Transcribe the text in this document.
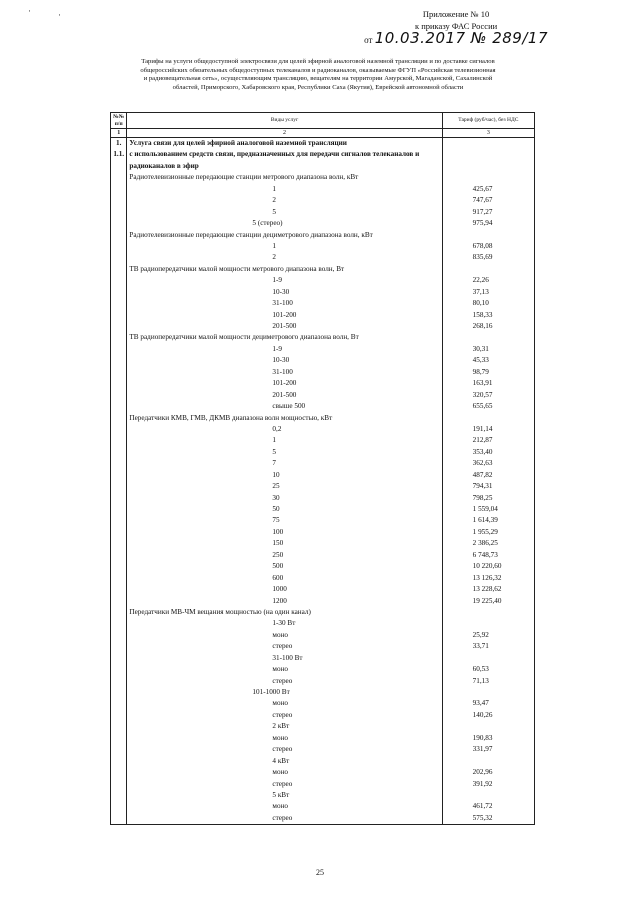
·	·	Приложение № 10
к приказу ФАС России
от 10.03.2017 № 289/17
Тарифы на услуги общедоступной электросвязи для целей эфирной аналоговой наземной трансляции и по доставке сигналов
общероссийских обязательных общедоступных телеканалов и радиоканалов, оказываемые ФГУП «Российская телевизионная
и радиовещательная сеть», осуществляющим трансляцию, вещателям на территории Амурской, Магаданской, Сахалинской
областей, Приморского, Хабаровского края, Республики Саха (Якутия), Еврейской автономной области
№№ п/п	Виды услуг	Тариф (руб/час), без НДС
1	2	3
1.	Услуга связи для целей эфирной аналоговой наземной трансляции	
1.1.	с использованием средств связи, предназначенных для передачи сигналов телеканалов и	
	радиоканалов в эфир	
	Радиотелевизионные передающие станции метрового диапазона волн, кВт	
	1	425,67
	2	747,67
	5	917,27
	5 (стерео)	975,94
	Радиотелевизионные передающие станции дециметрового диапазона волн, кВт	
	1	678,08
	2	835,69
	ТВ радиопередатчики малой мощности метрового диапазона волн, Вт	
	1-9	22,26
	10-30	37,13
	31-100	80,10
	101-200	158,33
	201-500	268,16
	ТВ радиопередатчики малой мощности дециметрового диапазона волн, Вт	
	1-9	30,31
	10-30	45,33
	31-100	98,79
	101-200	163,91
	201-500	320,57
	свыше 500	655,65
	Передатчики КМВ, ГМВ, ДКМВ диапазона волн мощностью, кВт	
	0,2	191,14
	1	212,87
	5	353,40
	7	362,63
	10	487,82
	25	794,31
	30	798,25
	50	1 559,04
	75	1 614,39
	100	1 955,29
	150	2 386,25
	250	6 748,73
	500	10 220,60
	600	13 126,32
	1000	13 228,62
	1200	19 225,40
	Передатчики МВ-ЧМ вещания мощностью (на один канал)	
	1-30 Вт	
	моно	25,92
	стерео	33,71
	31-100 Вт	
	моно	60,53
	стерео	71,13
	101-1000 Вт	
	моно	93,47
	стерео	140,26
	2 кВт	
	моно	190,83
	стерео	331,97
	4 кВт	
	моно	202,96
	стерео	391,92
	5 кВт	
	моно	461,72
	стерео	575,32
25
